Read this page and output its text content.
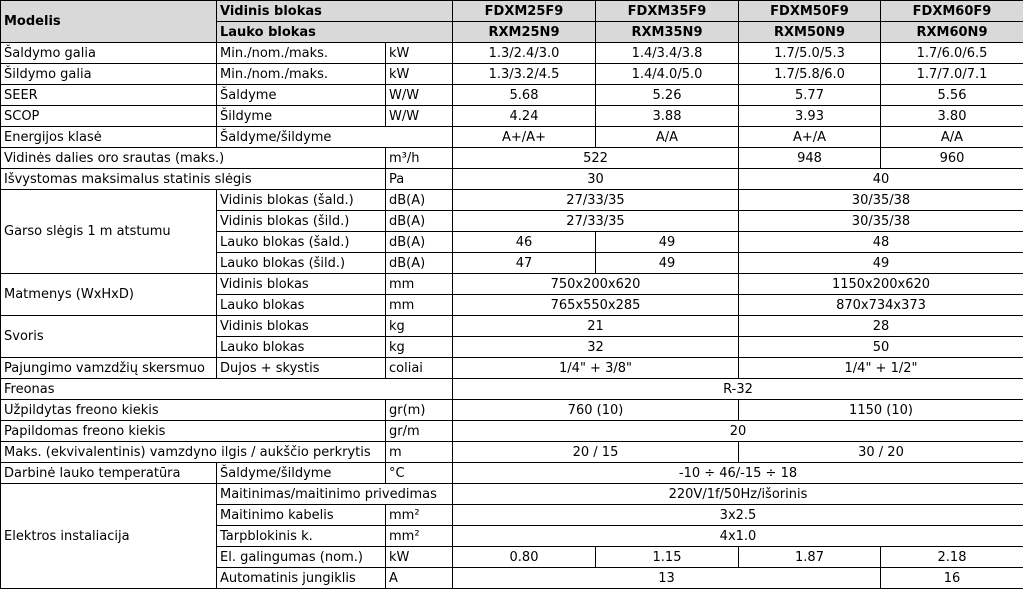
Modelis	Vidinis blokas		FDXM25F9	FDXM35F9	FDXM50F9	FDXM60F9
	Lauko blokas		RXM25N9	RXM35N9	RXM50N9	RXM60N9
Šaldymo galia	Min./nom./maks.	kW	1.3/2.4/3.0	1.4/3.4/3.8	1.7/5.0/5.3	1.7/6.0/6.5
Šildymo galia	Min./nom./maks.	kW	1.3/3.2/4.5	1.4/4.0/5.0	1.7/5.8/6.0	1.7/7.0/7.1
SEER	Šaldyme	W/W	5.68	5.26	5.77	5.56
SCOP	Šildyme	W/W	4.24	3.88	3.93	3.80
Energijos klasė	Šaldyme/šildyme		A+/A+	A/A	A+/A	A/A
Vidinės dalies oro srautas (maks.)		m³/h	522		948	960
Išvystomas maksimalus statinis slėgis		Pa	30		40	
Garso slėgis 1 m atstumu	Vidinis blokas (šald.)	dB(A)	27/33/35		30/35/38	
	Vidinis blokas (šild.)	dB(A)	27/33/35		30/35/38	
	Lauko blokas (šald.)	dB(A)	46	49	48	
	Lauko blokas (šild.)	dB(A)	47	49	49	
Matmenys (WxHxD)	Vidinis blokas	mm	750x200x620		1150x200x620	
	Lauko blokas	mm	765x550x285		870x734x373	
Svoris	Vidinis blokas	kg	21		28	
	Lauko blokas	kg	32		50	
Pajungimo vamzdžių skersmuo	Dujos + skystis	coliai	1/4" + 3/8"		1/4" + 1/2"	
Freonas			R-32			
Užpildytas freono kiekis		gr(m)	760 (10)		1150 (10)	
Papildomas freono kiekis		gr/m	20			
Maks. (ekvivalentinis) vamzdyno ilgis / aukščio perkrytis		m	20 / 15		30 / 20	
Darbinė lauko temperatūra	Šaldyme/šildyme	°C	-10 ÷ 46/-15 ÷ 18			
Elektros instaliacija	Maitinimas/maitinimo privedimas		220V/1f/50Hz/išorinis			
	Maitinimo kabelis	mm²	3x2.5			
	Tarpblokinis k.	mm²	4x1.0			
	El. galingumas (nom.)	kW	0.80	1.15	1.87	2.18
	Automatinis jungiklis	A	13			16
